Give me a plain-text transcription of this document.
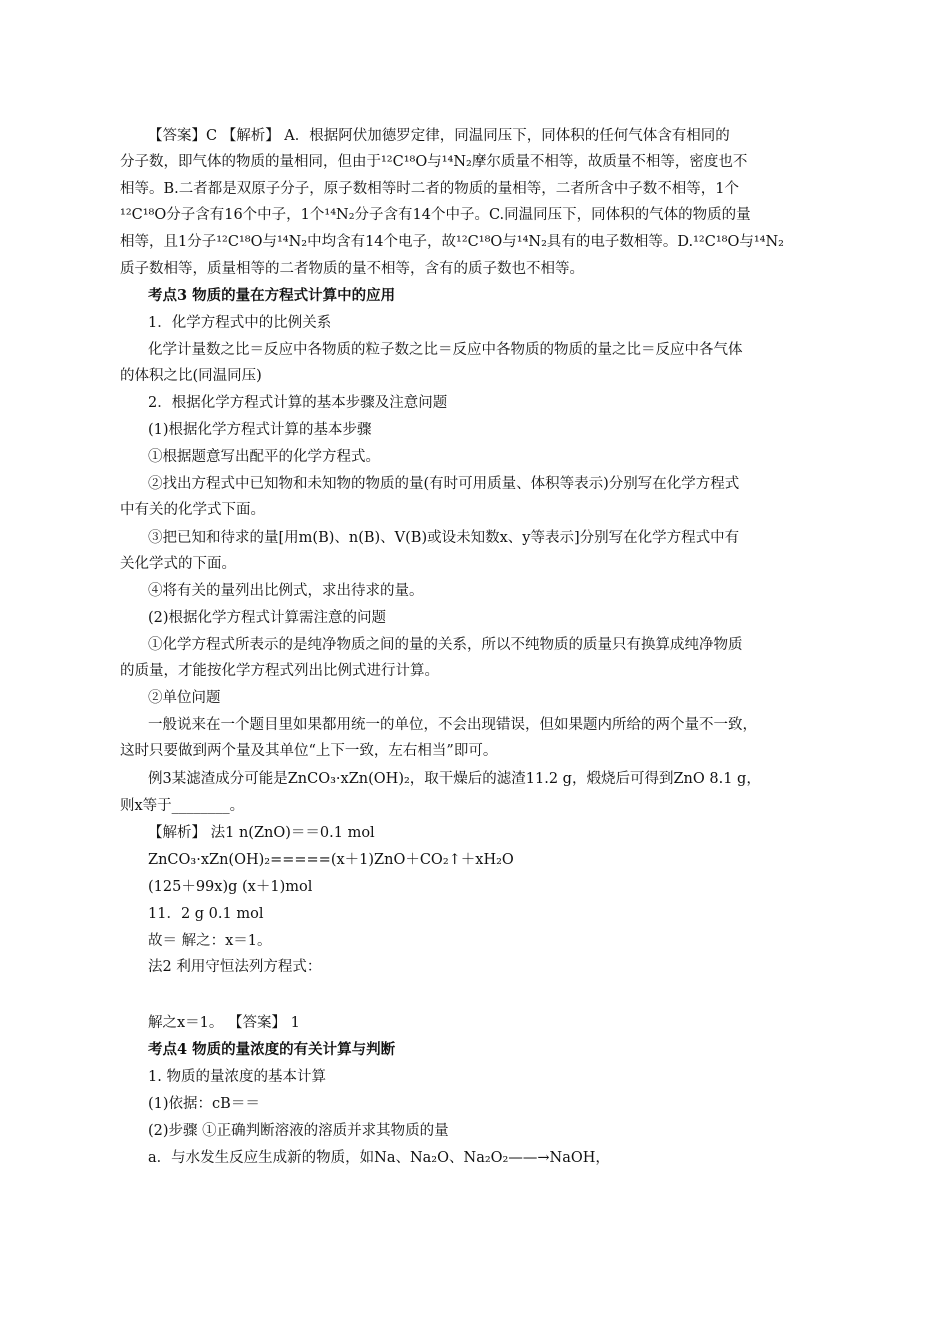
【答案】C 【解析】 A．根据阿伏加德罗定律，同温同压下，同体积的任何气体含有相同的
分子数，即气体的物质的量相同，但由于¹²C¹⁸O与¹⁴N₂摩尔质量不相等，故质量不相等，密度也不
相等。B.二者都是双原子分子，原子数相等时二者的物质的量相等，二者所含中子数不相等，1个
¹²C¹⁸O分子含有16个中子，1个¹⁴N₂分子含有14个中子。C.同温同压下，同体积的气体的物质的量
相等，且1分子¹²C¹⁸O与¹⁴N₂中均含有14个电子，故¹²C¹⁸O与¹⁴N₂具有的电子数相等。D.¹²C¹⁸O与¹⁴N₂
质子数相等，质量相等的二者物质的量不相等，含有的质子数也不相等。
考点3 物质的量在方程式计算中的应用
1．化学方程式中的比例关系
化学计量数之比＝反应中各物质的粒子数之比＝反应中各物质的物质的量之比＝反应中各气体
的体积之比(同温同压)
2．根据化学方程式计算的基本步骤及注意问题
(1)根据化学方程式计算的基本步骤
①根据题意写出配平的化学方程式。
②找出方程式中已知物和未知物的物质的量(有时可用质量、体积等表示)分别写在化学方程式
中有关的化学式下面。
③把已知和待求的量[用m(B)、n(B)、V(B)或设未知数x、y等表示]分别写在化学方程式中有
关化学式的下面。
④将有关的量列出比例式，求出待求的量。
(2)根据化学方程式计算需注意的问题
①化学方程式所表示的是纯净物质之间的量的关系，所以不纯物质的质量只有换算成纯净物质
的质量，才能按化学方程式列出比例式进行计算。
②单位问题
一般说来在一个题目里如果都用统一的单位，不会出现错误，但如果题内所给的两个量不一致，
这时只要做到两个量及其单位“上下一致，左右相当”即可。
例3某滤渣成分可能是ZnCO₃·xZn(OH)₂，取干燥后的滤渣11.2 g，煅烧后可得到ZnO 8.1 g，
则x等于________。
【解析】 法1 n(ZnO)＝＝0.1 mol
ZnCO₃·xZn(OH)₂=====(x＋1)ZnO＋CO₂↑＋xH₂O
(125＋99x)g (x＋1)mol
11．2 g 0.1 mol
故＝ 解之：x＝1。
法2 利用守恒法列方程式：
解之x＝1。 【答案】 1
考点4 物质的量浓度的有关计算与判断
1. 物质的量浓度的基本计算
(1)依据：cB＝＝
(2)步骤 ①正确判断溶液的溶质并求其物质的量
a．与水发生反应生成新的物质，如Na、Na₂O、Na₂O₂——→NaOH，
